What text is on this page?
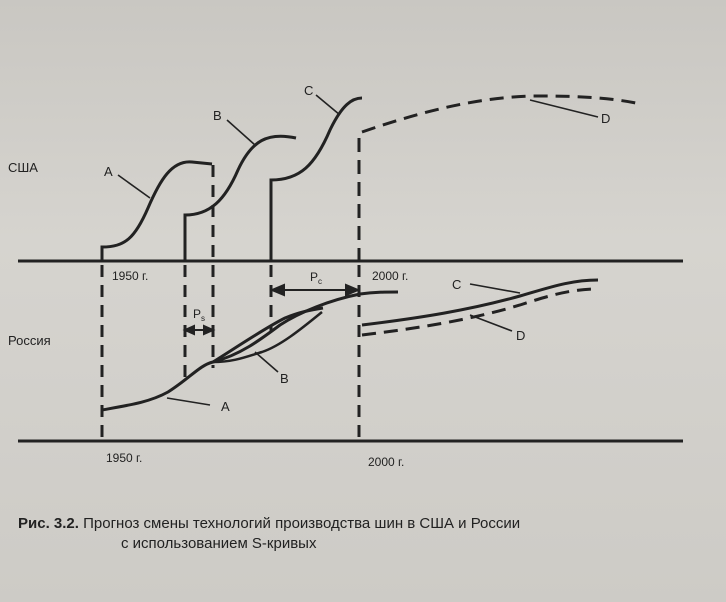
США
Россия
1950 г.	2000 г.
1950 г.	2000 г.
A
B
C
D
A
B
C
D
$P_c$
$P_s$
Рис. 3.2. Прогноз смены технологий производства шин в США и России
с использованием S-кривых
